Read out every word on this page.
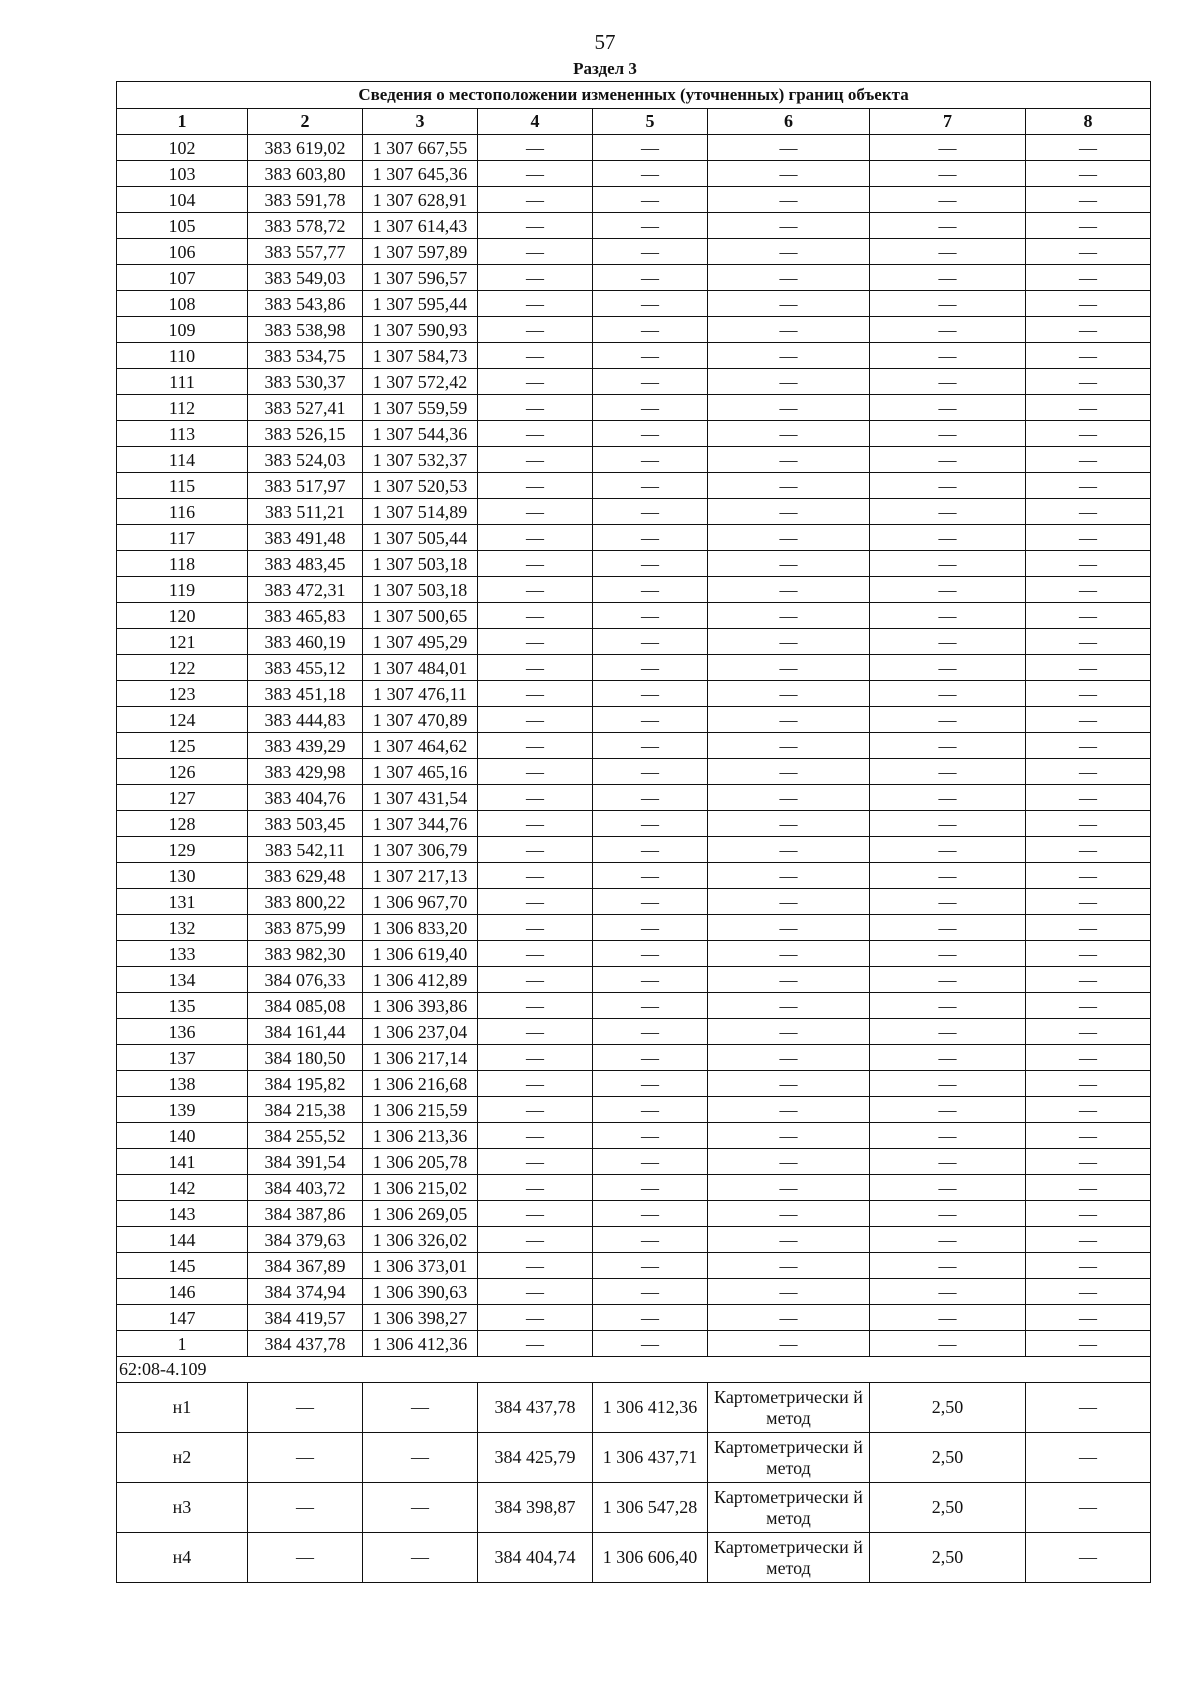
57
Раздел 3
Сведения о местоположении измененных (уточненных) границ объекта							
1	2	3	4	5	6	7	8
102	383 619,02	1 307 667,55	—	—	—	—	—
103	383 603,80	1 307 645,36	—	—	—	—	—
104	383 591,78	1 307 628,91	—	—	—	—	—
105	383 578,72	1 307 614,43	—	—	—	—	—
106	383 557,77	1 307 597,89	—	—	—	—	—
107	383 549,03	1 307 596,57	—	—	—	—	—
108	383 543,86	1 307 595,44	—	—	—	—	—
109	383 538,98	1 307 590,93	—	—	—	—	—
110	383 534,75	1 307 584,73	—	—	—	—	—
111	383 530,37	1 307 572,42	—	—	—	—	—
112	383 527,41	1 307 559,59	—	—	—	—	—
113	383 526,15	1 307 544,36	—	—	—	—	—
114	383 524,03	1 307 532,37	—	—	—	—	—
115	383 517,97	1 307 520,53	—	—	—	—	—
116	383 511,21	1 307 514,89	—	—	—	—	—
117	383 491,48	1 307 505,44	—	—	—	—	—
118	383 483,45	1 307 503,18	—	—	—	—	—
119	383 472,31	1 307 503,18	—	—	—	—	—
120	383 465,83	1 307 500,65	—	—	—	—	—
121	383 460,19	1 307 495,29	—	—	—	—	—
122	383 455,12	1 307 484,01	—	—	—	—	—
123	383 451,18	1 307 476,11	—	—	—	—	—
124	383 444,83	1 307 470,89	—	—	—	—	—
125	383 439,29	1 307 464,62	—	—	—	—	—
126	383 429,98	1 307 465,16	—	—	—	—	—
127	383 404,76	1 307 431,54	—	—	—	—	—
128	383 503,45	1 307 344,76	—	—	—	—	—
129	383 542,11	1 307 306,79	—	—	—	—	—
130	383 629,48	1 307 217,13	—	—	—	—	—
131	383 800,22	1 306 967,70	—	—	—	—	—
132	383 875,99	1 306 833,20	—	—	—	—	—
133	383 982,30	1 306 619,40	—	—	—	—	—
134	384 076,33	1 306 412,89	—	—	—	—	—
135	384 085,08	1 306 393,86	—	—	—	—	—
136	384 161,44	1 306 237,04	—	—	—	—	—
137	384 180,50	1 306 217,14	—	—	—	—	—
138	384 195,82	1 306 216,68	—	—	—	—	—
139	384 215,38	1 306 215,59	—	—	—	—	—
140	384 255,52	1 306 213,36	—	—	—	—	—
141	384 391,54	1 306 205,78	—	—	—	—	—
142	384 403,72	1 306 215,02	—	—	—	—	—
143	384 387,86	1 306 269,05	—	—	—	—	—
144	384 379,63	1 306 326,02	—	—	—	—	—
145	384 367,89	1 306 373,01	—	—	—	—	—
146	384 374,94	1 306 390,63	—	—	—	—	—
147	384 419,57	1 306 398,27	—	—	—	—	—
1	384 437,78	1 306 412,36	—	—	—	—	—
62:08-4.109							
н1	—	—	384 437,78	1 306 412,36	Картометрически й метод	2,50	—
н2	—	—	384 425,79	1 306 437,71	Картометрически й метод	2,50	—
н3	—	—	384 398,87	1 306 547,28	Картометрически й метод	2,50	—
н4	—	—	384 404,74	1 306 606,40	Картометрически й метод	2,50	—
